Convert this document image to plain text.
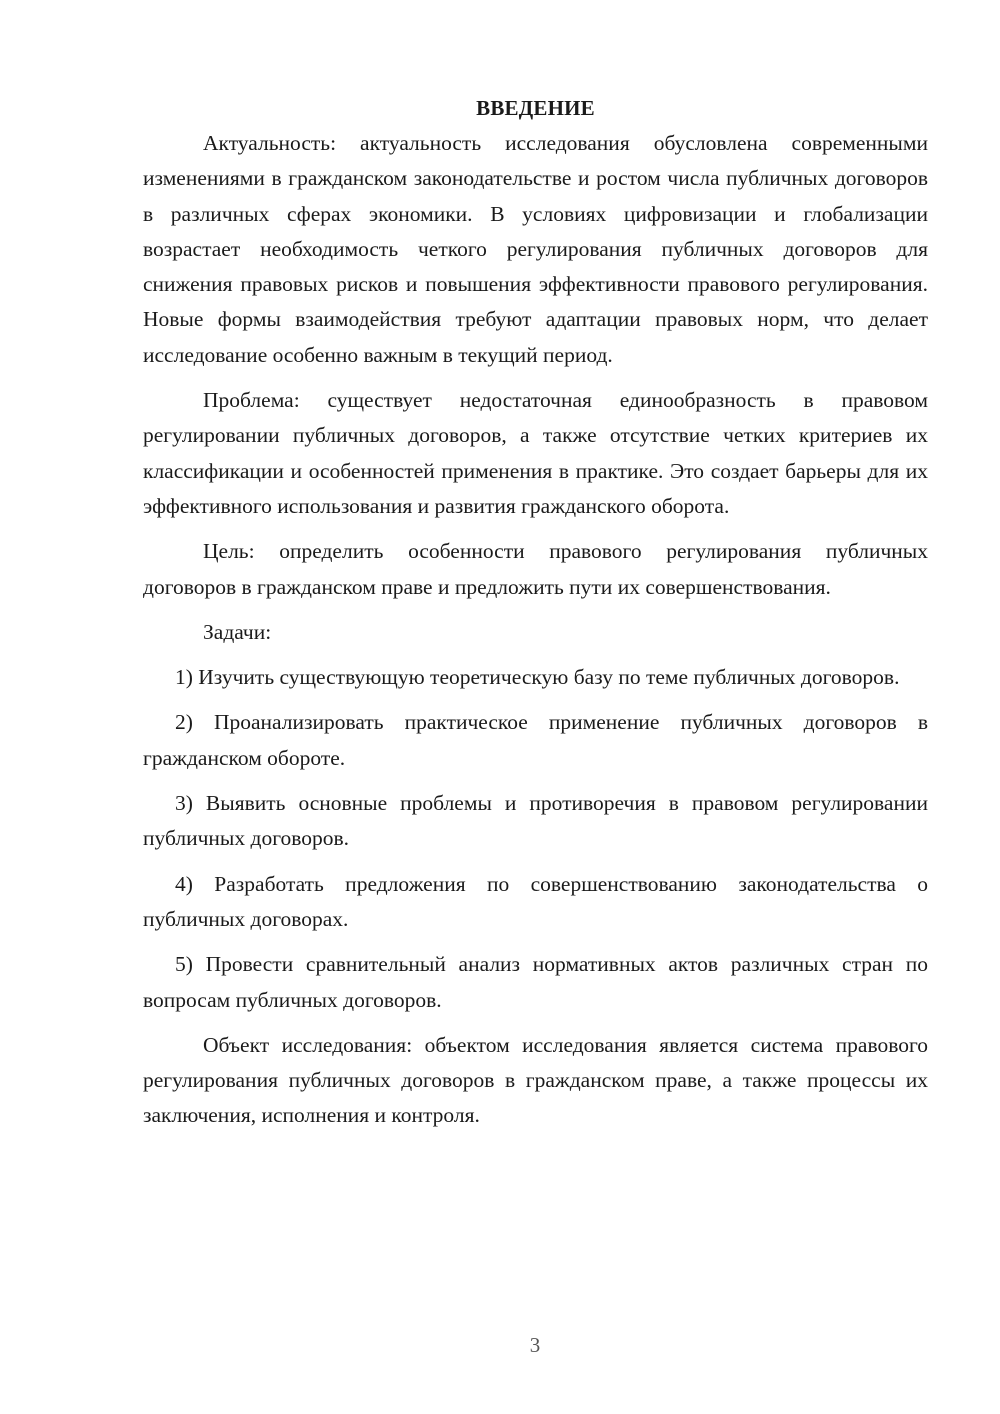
ВВЕДЕНИЕ

Актуальность: актуальность исследования обусловлена современными изменениями в гражданском законодательстве и ростом числа публичных договоров в различных сферах экономики. В условиях цифровизации и глобализации возрастает необходимость четкого регулирования публичных договоров для снижения правовых рисков и повышения эффективности правового регулирования. Новые формы взаимодействия требуют адаптации правовых норм, что делает исследование особенно важным в текущий период.

Проблема: существует недостаточная единообразность в правовом регулировании публичных договоров, а также отсутствие четких критериев их классификации и особенностей применения в практике. Это создает барьеры для их эффективного использования и развития гражданского оборота.

Цель: определить особенности правового регулирования публичных договоров в гражданском праве и предложить пути их совершенствования.

Задачи:

1) Изучить существующую теоретическую базу по теме публичных договоров.

2) Проанализировать практическое применение публичных договоров в гражданском обороте.

3) Выявить основные проблемы и противоречия в правовом регулировании публичных договоров.

4) Разработать предложения по совершенствованию законодательства о публичных договорах.

5) Провести сравнительный анализ нормативных актов различных стран по вопросам публичных договоров.

Объект исследования: объектом исследования является система правового регулирования публичных договоров в гражданском праве, а также процессы их заключения, исполнения и контроля.

3
